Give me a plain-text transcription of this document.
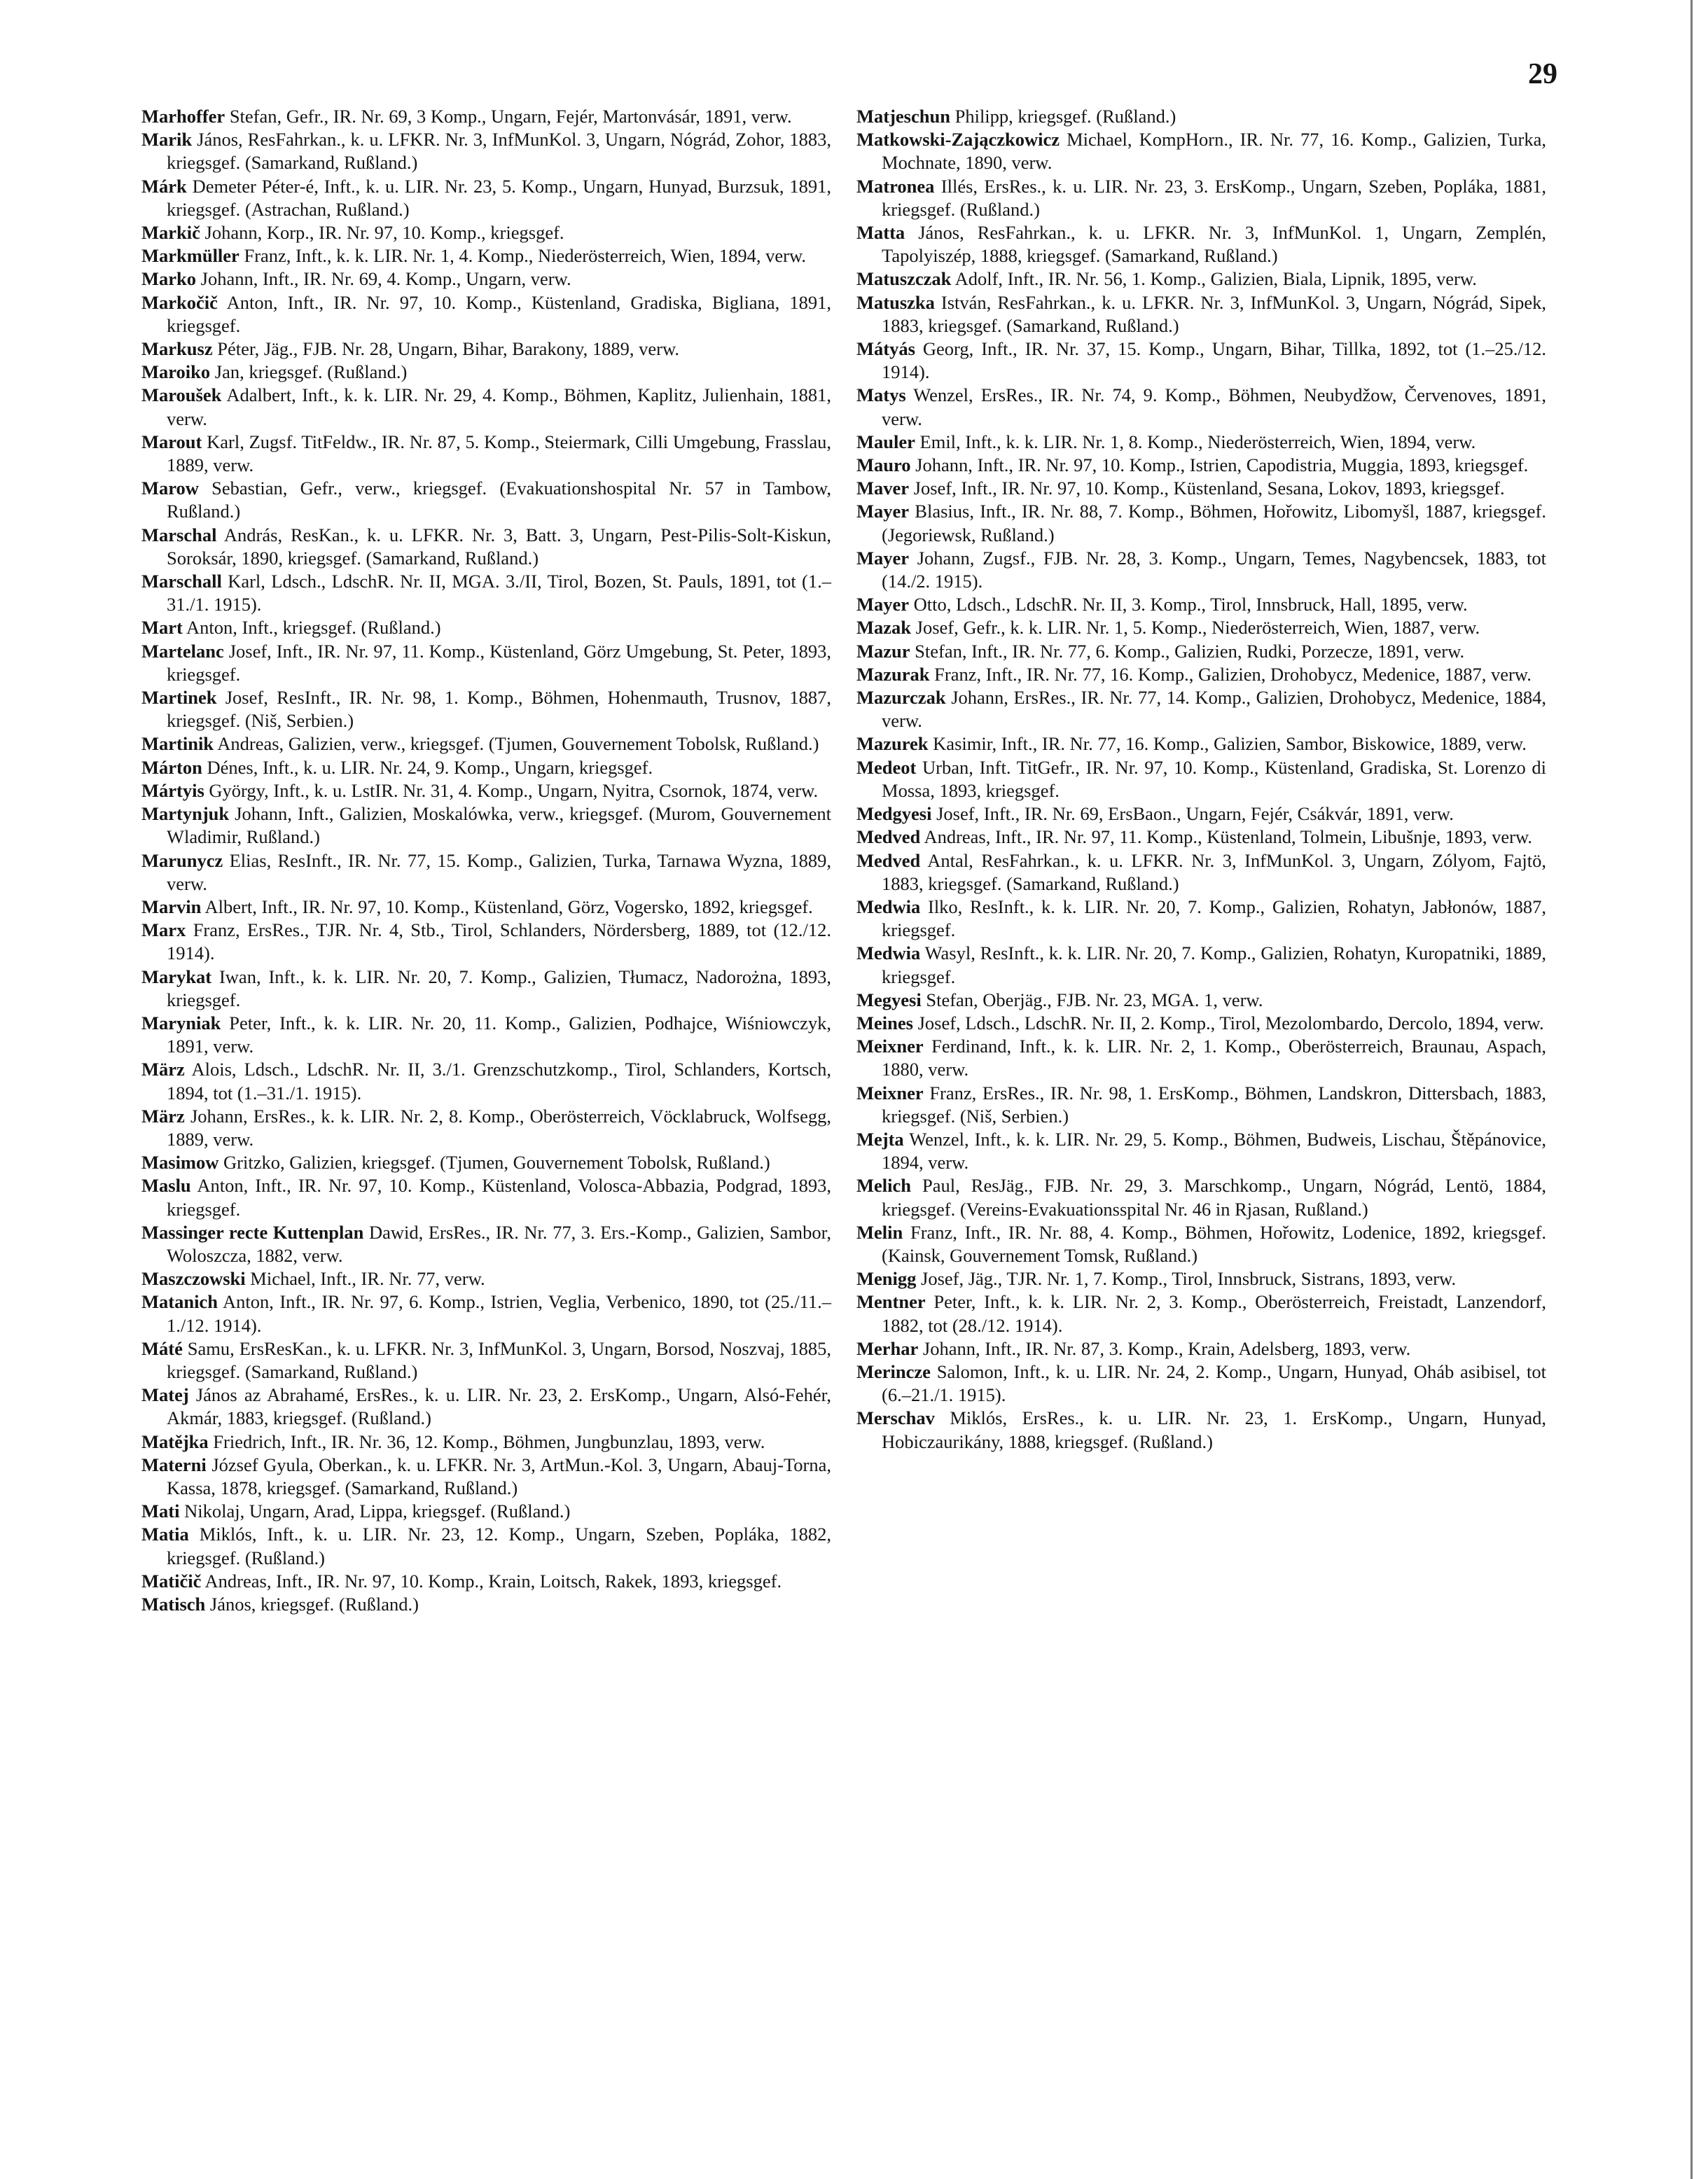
29

Marhoffer Stefan, Gefr., IR. Nr. 69, 3 Komp., Ungarn, Fejér, Martonvásár, 1891, verw.

Marik János, ResFahrkan., k. u. LFKR. Nr. 3, InfMunKol. 3, Ungarn, Nógrád, Zohor, 1883, kriegsgef. (Samarkand, Rußland.)

Márk Demeter Péter-é, Inft., k. u. LIR. Nr. 23, 5. Komp., Ungarn, Hunyad, Burzsuk, 1891, kriegsgef. (Astrachan, Rußland.)

Markič Johann, Korp., IR. Nr. 97, 10. Komp., kriegsgef.

Markmüller Franz, Inft., k. k. LIR. Nr. 1, 4. Komp., Niederösterreich, Wien, 1894, verw.

Marko Johann, Inft., IR. Nr. 69, 4. Komp., Ungarn, verw.

Markočič Anton, Inft., IR. Nr. 97, 10. Komp., Küstenland, Gradiska, Bigliana, 1891, kriegsgef.

Markusz Péter, Jäg., FJB. Nr. 28, Ungarn, Bihar, Barakony, 1889, verw.

Maroiko Jan, kriegsgef. (Rußland.)

Maroušek Adalbert, Inft., k. k. LIR. Nr. 29, 4. Komp., Böhmen, Kaplitz, Julienhain, 1881, verw.

Marout Karl, Zugsf. TitFeldw., IR. Nr. 87, 5. Komp., Steiermark, Cilli Umgebung, Frasslau, 1889, verw.

Marow Sebastian, Gefr., verw., kriegsgef. (Evakuationshospital Nr. 57 in Tambow, Rußland.)

Marschal András, ResKan., k. u. LFKR. Nr. 3, Batt. 3, Ungarn, Pest-Pilis-Solt-Kiskun, Soroksár, 1890, kriegsgef. (Samarkand, Rußland.)

Marschall Karl, Ldsch., LdschR. Nr. II, MGA. 3./II, Tirol, Bozen, St. Pauls, 1891, tot (1.–31./1. 1915).

Mart Anton, Inft., kriegsgef. (Rußland.)

Martelanc Josef, Inft., IR. Nr. 97, 11. Komp., Küstenland, Görz Umgebung, St. Peter, 1893, kriegsgef.

Martinek Josef, ResInft., IR. Nr. 98, 1. Komp., Böhmen, Hohenmauth, Trusnov, 1887, kriegsgef. (Niš, Serbien.)

Martinik Andreas, Galizien, verw., kriegsgef. (Tjumen, Gouvernement Tobolsk, Rußland.)

Márton Dénes, Inft., k. u. LIR. Nr. 24, 9. Komp., Ungarn, kriegsgef.

Mártyis György, Inft., k. u. LstIR. Nr. 31, 4. Komp., Ungarn, Nyitra, Csornok, 1874, verw.

Martynjuk Johann, Inft., Galizien, Moskalówka, verw., kriegsgef. (Murom, Gouvernement Wladimir, Rußland.)

Marunycz Elias, ResInft., IR. Nr. 77, 15. Komp., Galizien, Turka, Tarnawa Wyzna, 1889, verw.

Marvin Albert, Inft., IR. Nr. 97, 10. Komp., Küstenland, Görz, Vogersko, 1892, kriegsgef.

Marx Franz, ErsRes., TJR. Nr. 4, Stb., Tirol, Schlanders, Nördersberg, 1889, tot (12./12. 1914).

Marykat Iwan, Inft., k. k. LIR. Nr. 20, 7. Komp., Galizien, Tłumacz, Nadorożna, 1893, kriegsgef.

Maryniak Peter, Inft., k. k. LIR. Nr. 20, 11. Komp., Galizien, Podhajce, Wiśniowczyk, 1891, verw.

März Alois, Ldsch., LdschR. Nr. II, 3./1. Grenzschutzkomp., Tirol, Schlanders, Kortsch, 1894, tot (1.–31./1. 1915).

März Johann, ErsRes., k. k. LIR. Nr. 2, 8. Komp., Oberösterreich, Vöcklabruck, Wolfsegg, 1889, verw.

Masimow Gritzko, Galizien, kriegsgef. (Tjumen, Gouvernement Tobolsk, Rußland.)

Maslu Anton, Inft., IR. Nr. 97, 10. Komp., Küstenland, Volosca-Abbazia, Podgrad, 1893, kriegsgef.

Massinger recte Kuttenplan Dawid, ErsRes., IR. Nr. 77, 3. Ers.-Komp., Galizien, Sambor, Woloszcza, 1882, verw.

Maszczowski Michael, Inft., IR. Nr. 77, verw.

Matanich Anton, Inft., IR. Nr. 97, 6. Komp., Istrien, Veglia, Verbenico, 1890, tot (25./11.–1./12. 1914).

Máté Samu, ErsResKan., k. u. LFKR. Nr. 3, InfMunKol. 3, Ungarn, Borsod, Noszvaj, 1885, kriegsgef. (Samarkand, Rußland.)

Matej János az Abrahamé, ErsRes., k. u. LIR. Nr. 23, 2. ErsKomp., Ungarn, Alsó-Fehér, Akmár, 1883, kriegsgef. (Rußland.)

Matějka Friedrich, Inft., IR. Nr. 36, 12. Komp., Böhmen, Jungbunzlau, 1893, verw.

Materni József Gyula, Oberkan., k. u. LFKR. Nr. 3, ArtMun.-Kol. 3, Ungarn, Abauj-Torna, Kassa, 1878, kriegsgef. (Samarkand, Rußland.)

Mati Nikolaj, Ungarn, Arad, Lippa, kriegsgef. (Rußland.)

Matia Miklós, Inft., k. u. LIR. Nr. 23, 12. Komp., Ungarn, Szeben, Popláka, 1882, kriegsgef. (Rußland.)

Matičič Andreas, Inft., IR. Nr. 97, 10. Komp., Krain, Loitsch, Rakek, 1893, kriegsgef.

Matisch János, kriegsgef. (Rußland.)

Matjeschun Philipp, kriegsgef. (Rußland.)

Matkowski-Zajączkowicz Michael, KompHorn., IR. Nr. 77, 16. Komp., Galizien, Turka, Mochnate, 1890, verw.

Matronea Illés, ErsRes., k. u. LIR. Nr. 23, 3. ErsKomp., Ungarn, Szeben, Popláka, 1881, kriegsgef. (Rußland.)

Matta János, ResFahrkan., k. u. LFKR. Nr. 3, InfMunKol. 1, Ungarn, Zemplén, Tapolyiszép, 1888, kriegsgef. (Samarkand, Rußland.)

Matuszczak Adolf, Inft., IR. Nr. 56, 1. Komp., Galizien, Biala, Lipnik, 1895, verw.

Matuszka István, ResFahrkan., k. u. LFKR. Nr. 3, InfMunKol. 3, Ungarn, Nógrád, Sipek, 1883, kriegsgef. (Samarkand, Rußland.)

Mátyás Georg, Inft., IR. Nr. 37, 15. Komp., Ungarn, Bihar, Tillka, 1892, tot (1.–25./12. 1914).

Matys Wenzel, ErsRes., IR. Nr. 74, 9. Komp., Böhmen, Neubydžow, Červenoves, 1891, verw.

Mauler Emil, Inft., k. k. LIR. Nr. 1, 8. Komp., Niederösterreich, Wien, 1894, verw.

Mauro Johann, Inft., IR. Nr. 97, 10. Komp., Istrien, Capodistria, Muggia, 1893, kriegsgef.

Maver Josef, Inft., IR. Nr. 97, 10. Komp., Küstenland, Sesana, Lokov, 1893, kriegsgef.

Mayer Blasius, Inft., IR. Nr. 88, 7. Komp., Böhmen, Hořowitz, Libomyšl, 1887, kriegsgef. (Jegoriewsk, Rußland.)

Mayer Johann, Zugsf., FJB. Nr. 28, 3. Komp., Ungarn, Temes, Nagybencsek, 1883, tot (14./2. 1915).

Mayer Otto, Ldsch., LdschR. Nr. II, 3. Komp., Tirol, Innsbruck, Hall, 1895, verw.

Mazak Josef, Gefr., k. k. LIR. Nr. 1, 5. Komp., Niederösterreich, Wien, 1887, verw.

Mazur Stefan, Inft., IR. Nr. 77, 6. Komp., Galizien, Rudki, Porzecze, 1891, verw.

Mazurak Franz, Inft., IR. Nr. 77, 16. Komp., Galizien, Drohobycz, Medenice, 1887, verw.

Mazurczak Johann, ErsRes., IR. Nr. 77, 14. Komp., Galizien, Drohobycz, Medenice, 1884, verw.

Mazurek Kasimir, Inft., IR. Nr. 77, 16. Komp., Galizien, Sambor, Biskowice, 1889, verw.

Medeot Urban, Inft. TitGefr., IR. Nr. 97, 10. Komp., Küstenland, Gradiska, St. Lorenzo di Mossa, 1893, kriegsgef.

Medgyesi Josef, Inft., IR. Nr. 69, ErsBaon., Ungarn, Fejér, Csákvár, 1891, verw.

Medved Andreas, Inft., IR. Nr. 97, 11. Komp., Küstenland, Tolmein, Libušnje, 1893, verw.

Medved Antal, ResFahrkan., k. u. LFKR. Nr. 3, InfMunKol. 3, Ungarn, Zólyom, Fajtö, 1883, kriegsgef. (Samarkand, Rußland.)

Medwia Ilko, ResInft., k. k. LIR. Nr. 20, 7. Komp., Galizien, Rohatyn, Jabłonów, 1887, kriegsgef.

Medwia Wasyl, ResInft., k. k. LIR. Nr. 20, 7. Komp., Galizien, Rohatyn, Kuropatniki, 1889, kriegsgef.

Megyesi Stefan, Oberjäg., FJB. Nr. 23, MGA. 1, verw.

Meines Josef, Ldsch., LdschR. Nr. II, 2. Komp., Tirol, Mezolombardo, Dercolo, 1894, verw.

Meixner Ferdinand, Inft., k. k. LIR. Nr. 2, 1. Komp., Oberösterreich, Braunau, Aspach, 1880, verw.

Meixner Franz, ErsRes., IR. Nr. 98, 1. ErsKomp., Böhmen, Landskron, Dittersbach, 1883, kriegsgef. (Niš, Serbien.)

Mejta Wenzel, Inft., k. k. LIR. Nr. 29, 5. Komp., Böhmen, Budweis, Lischau, Štěpánovice, 1894, verw.

Melich Paul, ResJäg., FJB. Nr. 29, 3. Marschkomp., Ungarn, Nógrád, Lentö, 1884, kriegsgef. (Vereins-Evakuationsspital Nr. 46 in Rjasan, Rußland.)

Melin Franz, Inft., IR. Nr. 88, 4. Komp., Böhmen, Hořowitz, Lodenice, 1892, kriegsgef. (Kainsk, Gouvernement Tomsk, Rußland.)

Menigg Josef, Jäg., TJR. Nr. 1, 7. Komp., Tirol, Innsbruck, Sistrans, 1893, verw.

Mentner Peter, Inft., k. k. LIR. Nr. 2, 3. Komp., Oberösterreich, Freistadt, Lanzendorf, 1882, tot (28./12. 1914).

Merhar Johann, Inft., IR. Nr. 87, 3. Komp., Krain, Adelsberg, 1893, verw.

Merincze Salomon, Inft., k. u. LIR. Nr. 24, 2. Komp., Ungarn, Hunyad, Oháb asibisel, tot (6.–21./1. 1915).

Merschav Miklós, ErsRes., k. u. LIR. Nr. 23, 1. ErsKomp., Ungarn, Hunyad, Hobiczaurikány, 1888, kriegsgef. (Rußland.)
